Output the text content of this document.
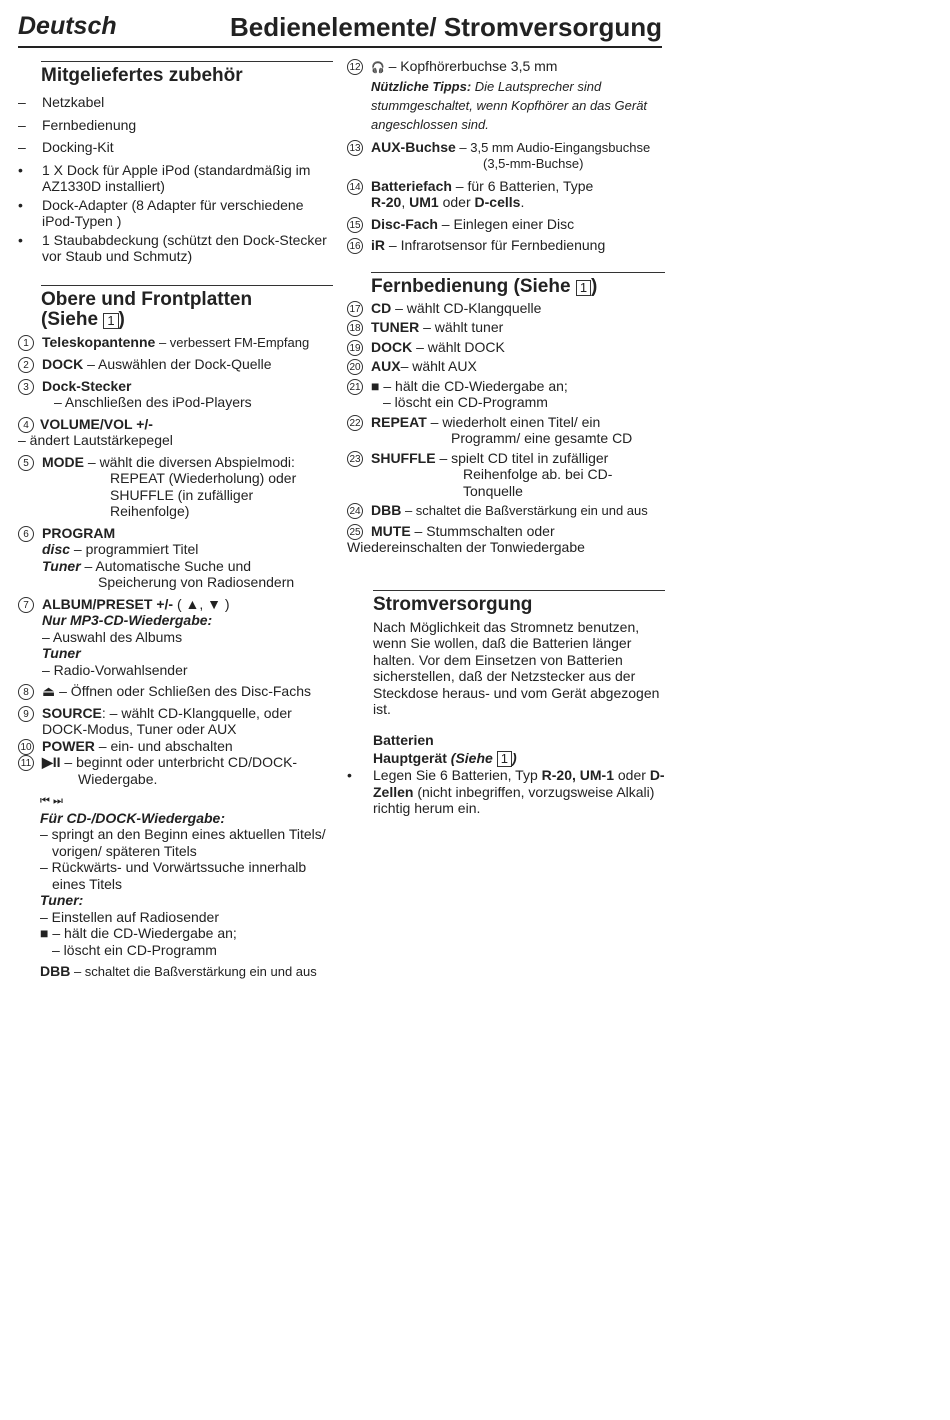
Deutsch	Bedienelemente/ Stromversorgung
Mitgeliefertes zubehör
– Netzkabel
– Fernbedienung
– Docking-Kit
• 1 X Dock für Apple iPod (standardmäßig im AZ1330D installiert)
• Dock-Adapter (8 Adapter für verschiedene iPod-Typen )
• 1 Staubabdeckung (schützt den Dock-Stecker vor Staub und Schmutz)
Obere und Frontplatten
(Siehe 1 )
1 Teleskopantenne – verbessert FM-Empfang
2 DOCK – Auswählen der Dock-Quelle
3 Dock-Stecker
– Anschließen des iPod-Players
4 VOLUME/VOL +/-
– ändert Lautstärkepegel
5 MODE – wählt die diversen Abspielmodi:
REPEAT (Wiederholung) oder
SHUFFLE (in zufälliger Reihenfolge)
6 PROGRAM
disc – programmiert Titel
Tuner – Automatische Suche und
Speicherung von Radiosendern
7 ALBUM/PRESET +/- ( ▲, ▼ )
Nur MP3-CD-Wiedergabe:
– Auswahl des Albums
Tuner
– Radio-Vorwahlsender
8 ⏏ – Öffnen oder Schließen des Disc-Fachs
9 SOURCE: – wählt CD-Klangquelle, oder
DOCK-Modus, Tuner oder AUX
10 POWER – ein- und abschalten
11 ▶II – beginnt oder unterbricht CD/DOCK-
Wiedergabe.
⏮ ⏭
Für CD-/DOCK-Wiedergabe:
– springt an den Beginn eines aktuellen Titels/
vorigen/ späteren Titels
– Rückwärts- und Vorwärtssuche innerhalb
eines Titels
Tuner:
– Einstellen auf Radiosender
■ – hält die CD-Wiedergabe an;
– löscht ein CD-Programm
DBB – schaltet die Baßverstärkung ein und aus
12 🎧 – Kopfhörerbuchse 3,5 mm
Nützliche Tipps: Die Lautsprecher sind stummgeschaltet, wenn Kopfhörer an das Gerät angeschlossen sind.
13 AUX-Buchse – 3,5 mm Audio-Eingangsbuchse
(3,5-mm-Buchse)
14 Batteriefach – für 6 Batterien, Type
R-20, UM1 oder D-cells.
15 Disc-Fach – Einlegen einer Disc
16 iR – Infrarotsensor für Fernbedienung
Fernbedienung (Siehe 1 )
17 CD – wählt CD-Klangquelle
18 TUNER – wählt tuner
19 DOCK – wählt DOCK
20 AUX– wählt AUX
21 ■ – hält die CD-Wiedergabe an;
– löscht ein CD-Programm
22 REPEAT – wiederholt einen Titel/ ein
Programm/ eine gesamte CD
23 SHUFFLE – spielt CD titel in zufälliger
Reihenfolge ab. bei CD-Tonquelle
24 DBB – schaltet die Baßverstärkung ein und aus
25 MUTE – Stummschalten oder
Wiedereinschalten der Tonwiedergabe
Stromversorgung
Nach Möglichkeit das Stromnetz benutzen, wenn Sie wollen, daß die Batterien länger halten. Vor dem Einsetzen von Batterien sicherstellen, daß der Netzstecker aus der Steckdose heraus- und vom Gerät abgezogen ist.
Batterien
Hauptgerät (Siehe 1 )
• Legen Sie 6 Batterien, Typ R-20, UM-1 oder D-Zellen (nicht inbegriffen, vorzugsweise Alkali) richtig herum ein.
